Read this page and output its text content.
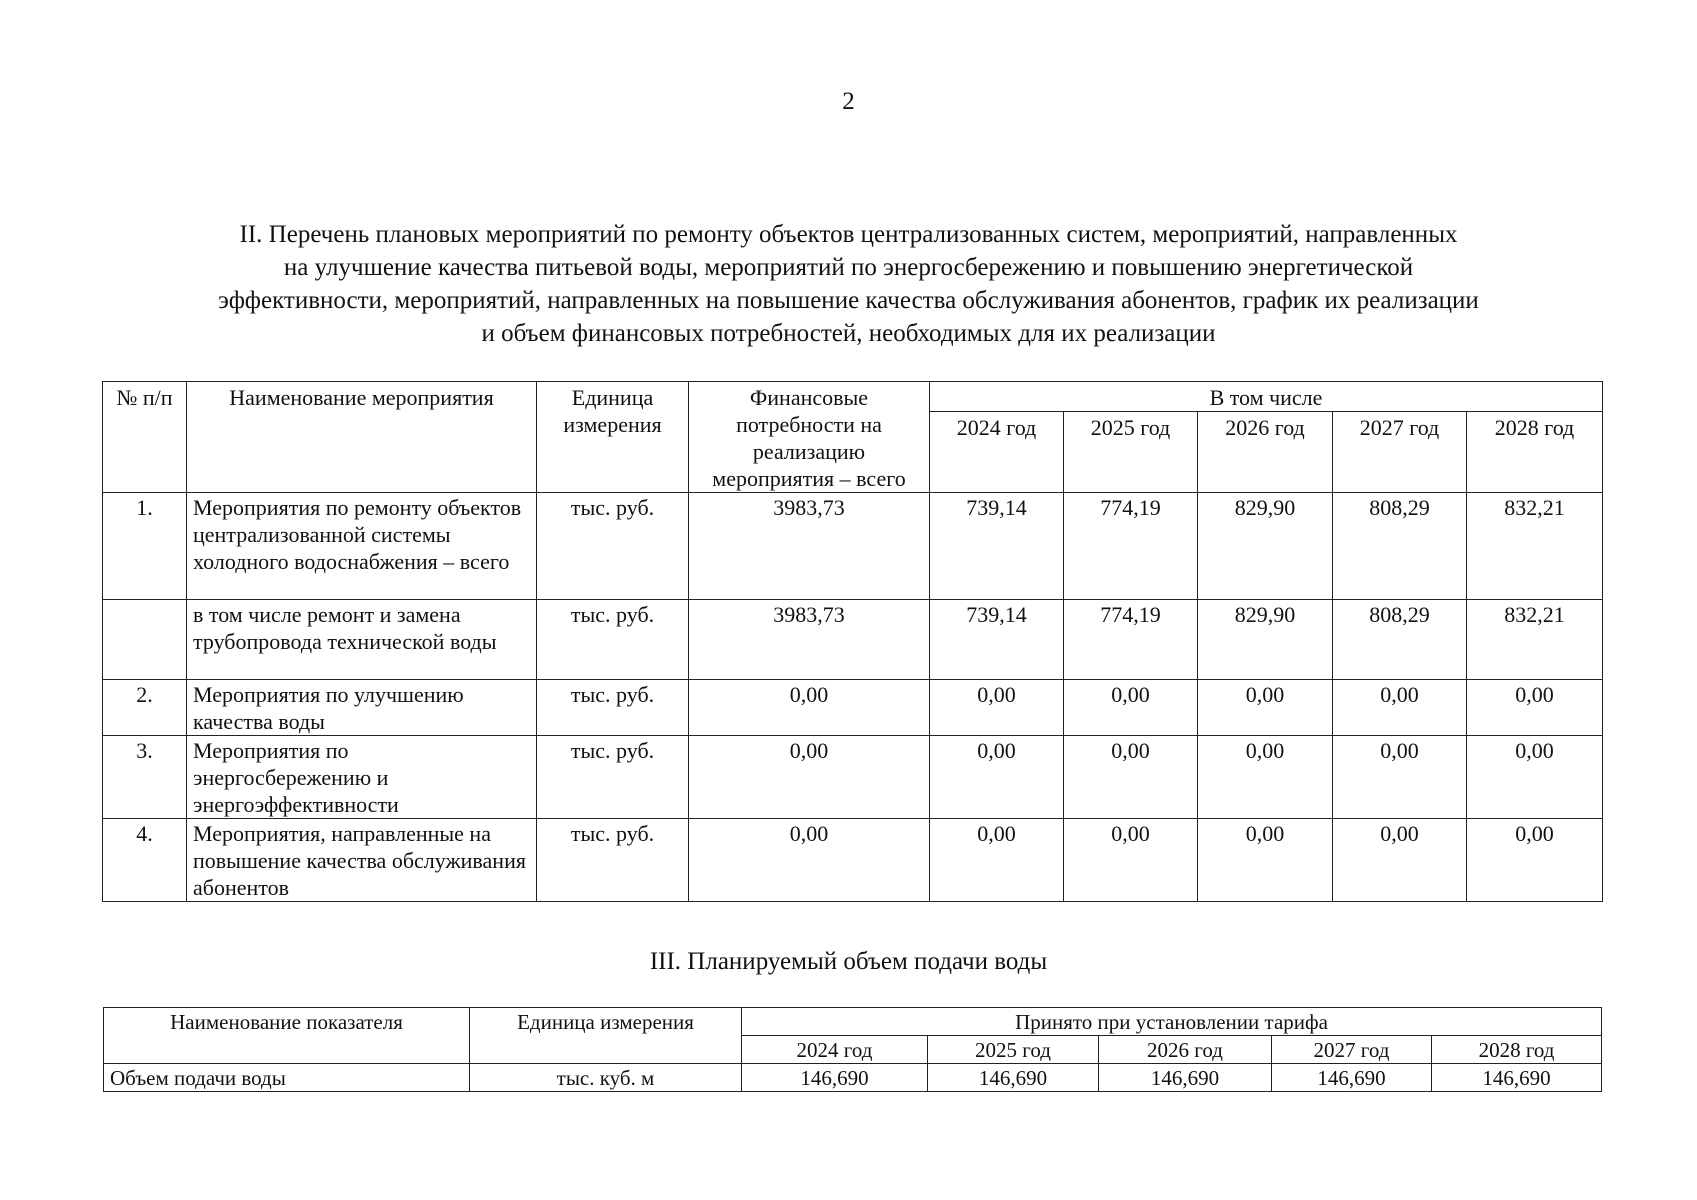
2
II. Перечень плановых мероприятий по ремонту объектов централизованных систем, мероприятий, направленных
на улучшение качества питьевой воды, мероприятий по энергосбережению и повышению энергетической
эффективности, мероприятий, направленных на повышение качества обслуживания абонентов, график их реализации
и объем финансовых потребностей, необходимых для их реализации
№ п/п	Наименование мероприятия	Единица измерения	Финансовые потребности на реализацию мероприятия – всего	В том числе				
				2024 год	2025 год	2026 год	2027 год	2028 год
1.	Мероприятия по ремонту объектов централизованной системы холодного водоснабжения – всего	тыс. руб.	3983,73	739,14	774,19	829,90	808,29	832,21
	в том числе ремонт и замена трубопровода технической воды	тыс. руб.	3983,73	739,14	774,19	829,90	808,29	832,21
2.	Мероприятия по улучшению качества воды	тыс. руб.	0,00	0,00	0,00	0,00	0,00	0,00
3.	Мероприятия по энергосбережению и энергоэффективности	тыс. руб.	0,00	0,00	0,00	0,00	0,00	0,00
4.	Мероприятия, направленные на повышение качества обслуживания абонентов	тыс. руб.	0,00	0,00	0,00	0,00	0,00	0,00
III. Планируемый объем подачи воды
Наименование показателя	Единица измерения	Принято при установлении тарифа				
		2024 год	2025 год	2026 год	2027 год	2028 год
Объем подачи воды	тыс. куб. м	146,690	146,690	146,690	146,690	146,690
